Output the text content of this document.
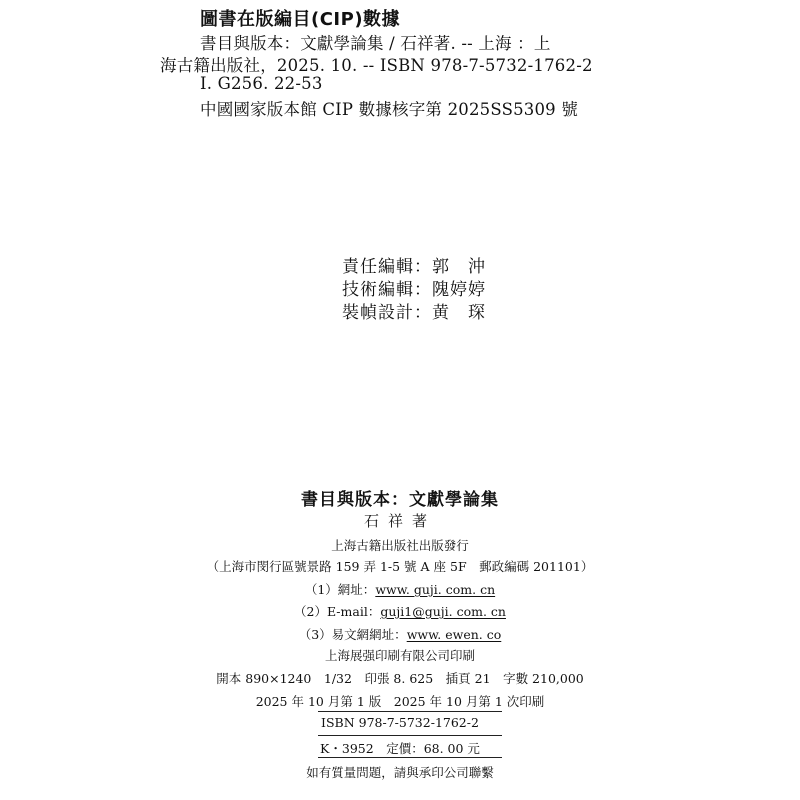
圖書在版編目(CIP)數據
書目與版本：文獻學論集 / 石祥著. -- 上海 ：上
海古籍出版社，2025. 10. -- ISBN 978-7-5732-1762-2
Ⅰ. G256. 22-53
中國國家版本館 CIP 數據核字第 2025SS5309 號
責任編輯：郭　沖
技術編輯：隗婷婷
裝幀設計：黄　琛
書目與版本：文獻學論集
石祥著
上海古籍出版社出版發行
（上海市閔行區號景路 159 弄 1-5 號 A 座 5F　郵政編碼 201101）
（1）網址：www. guji. com. cn
（2）E-mail：guji1@guji. com. cn
（3）易文網網址：www. ewen. co
上海展强印刷有限公司印刷
開本 890×1240　1/32　印張 8. 625　插頁 21　字數 210,000
2025 年 10 月第 1 版　2025 年 10 月第 1 次印刷
ISBN 978-7-5732-1762-2
K・3952　定價：68. 00 元
如有質量問題，請與承印公司聯繫
